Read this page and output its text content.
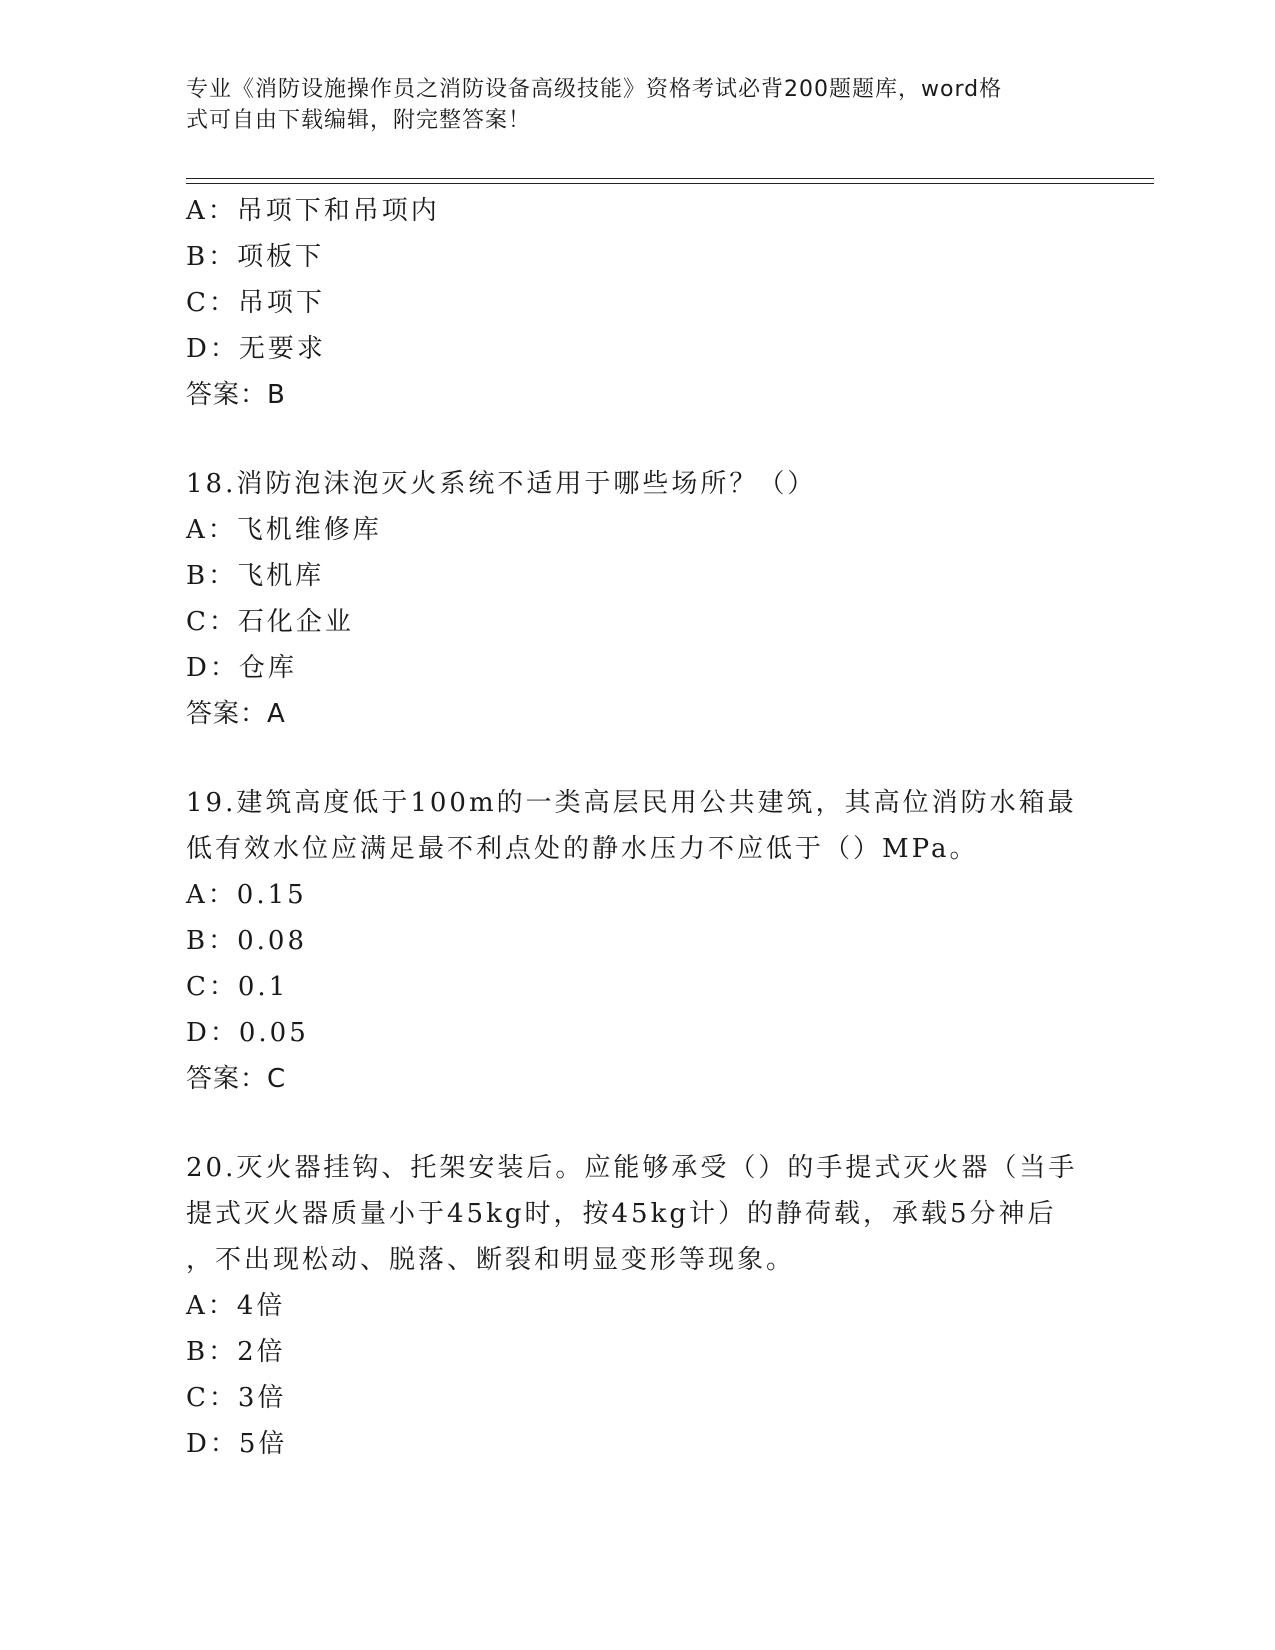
专业《消防设施操作员之消防设备高级技能》资格考试必背200题题库，word格
式可自由下载编辑，附完整答案！
A：吊项下和吊项内
B：项板下
C：吊项下
D：无要求
答案：B
18.消防泡沫泡灭火系统不适用于哪些场所？（）
A：飞机维修库
B：飞机库
C：石化企业
D：仓库
答案：A
19.建筑高度低于100m的一类高层民用公共建筑，其高位消防水箱最
低有效水位应满足最不利点处的静水压力不应低于（）MPa。
A：0.15
B：0.08
C：0.1
D：0.05
答案：C
20.灭火器挂钩、托架安装后。应能够承受（）的手提式灭火器（当手
提式灭火器质量小于45kg时，按45kg计）的静荷载，承载5分神后
，不出现松动、脱落、断裂和明显变形等现象。
A：4倍
B：2倍
C：3倍
D：5倍
